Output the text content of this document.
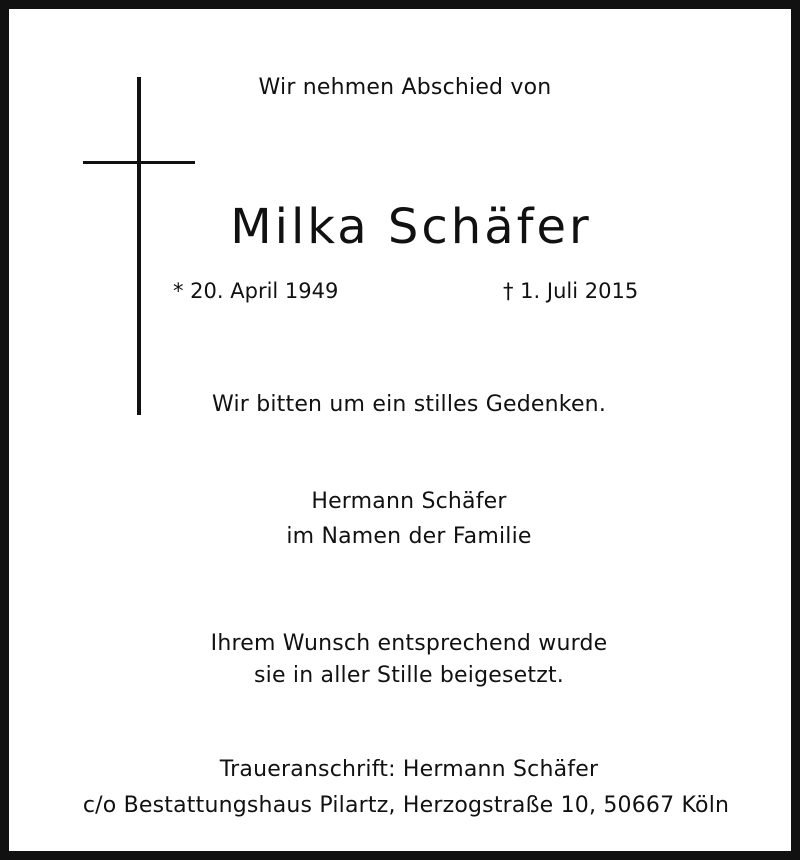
Wir nehmen Abschied von
Milka Schäfer
* 20. April 1949	† 1. Juli 2015
Wir bitten um ein stilles Gedenken.
Hermann Schäfer
im Namen der Familie
Ihrem Wunsch entsprechend wurde
sie in aller Stille beigesetzt.
Traueranschrift: Hermann Schäfer
c/o Bestattungshaus Pilartz, Herzogstraße 10, 50667 Köln
